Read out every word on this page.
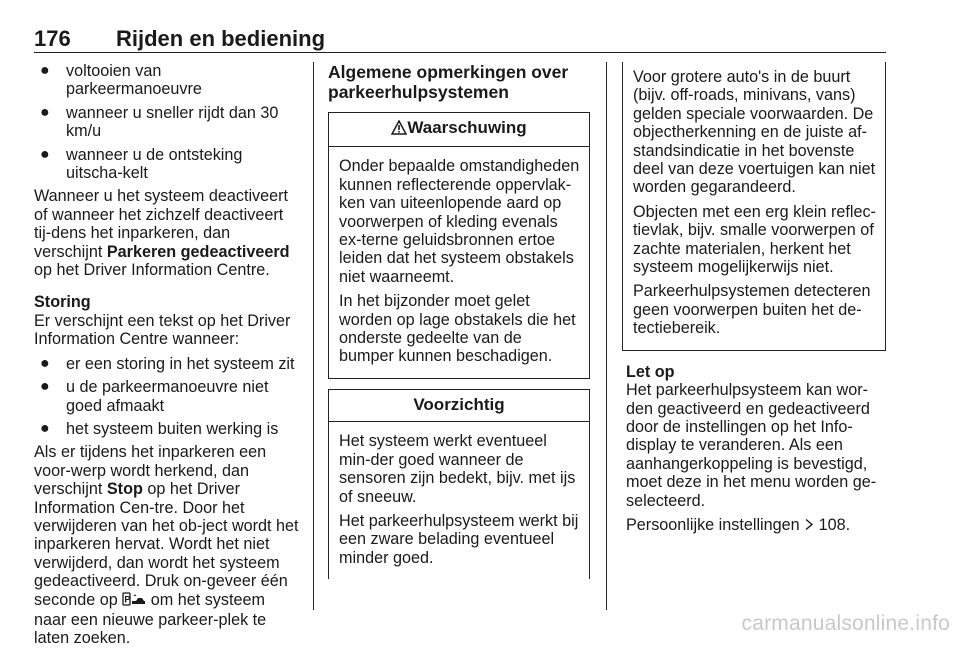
176 Rijden en bediening
● voltooien van parkeermanoeuvre
● wanneer u sneller rijdt dan 30 km/u
● wanneer u de ontsteking uitscha-kelt

Wanneer u het systeem deactiveert of wanneer het zichzelf deactiveert tij-dens het inparkeren, dan verschijnt Parkeren gedeactiveerd op het Driver Information Centre.

Storing

Er verschijnt een tekst op het Driver Information Centre wanneer:

● er een storing in het systeem zit
● u de parkeermanoeuvre niet goed afmaakt
● het systeem buiten werking is

Als er tijdens het inparkeren een voor-werp wordt herkend, dan verschijnt Stop op het Driver Information Cen-tre. Door het verwijderen van het ob-ject wordt het inparkeren hervat. Wordt het niet verwijderd, dan wordt het systeem gedeactiveerd. Druk on-geveer één seconde op P om het systeem naar een nieuwe parkeer-plek te laten zoeken.

Algemene opmerkingen over parkeerhulpsystemen

Waarschuwing

Onder bepaalde omstandigheden kunnen reflecterende oppervlak-ken van uiteenlopende aard op voorwerpen of kleding evenals ex-terne geluidsbronnen ertoe leiden dat het systeem obstakels niet waarneemt.

In het bijzonder moet gelet worden op lage obstakels die het onderste gedeelte van de bumper kunnen beschadigen.

Voorzichtig

Het systeem werkt eventueel min-der goed wanneer de sensoren zijn bedekt, bijv. met ijs of sneeuw.

Het parkeerhulpsysteem werkt bij een zware belading eventueel minder goed.

Voor grotere auto's in de buurt (bijv. off-roads, minivans, vans) gelden speciale voorwaarden. De objectherkenning en de juiste af-standsindicatie in het bovenste deel van deze voertuigen kan niet worden gegarandeerd.

Objecten met een erg klein reflec-tievlak, bijv. smalle voorwerpen of zachte materialen, herkent het systeem mogelijkerwijs niet.

Parkeerhulpsystemen detecteren geen voorwerpen buiten het de-tectiebereik.

Let op

Het parkeerhulpsysteem kan wor-den geactiveerd en gedeactiveerd door de instellingen op het Info-display te veranderen. Als een aanhangerkoppeling is bevestigd, moet deze in het menu worden ge-selecteerd.

Persoonlijke instellingen 108.

carmanualsonline.info
